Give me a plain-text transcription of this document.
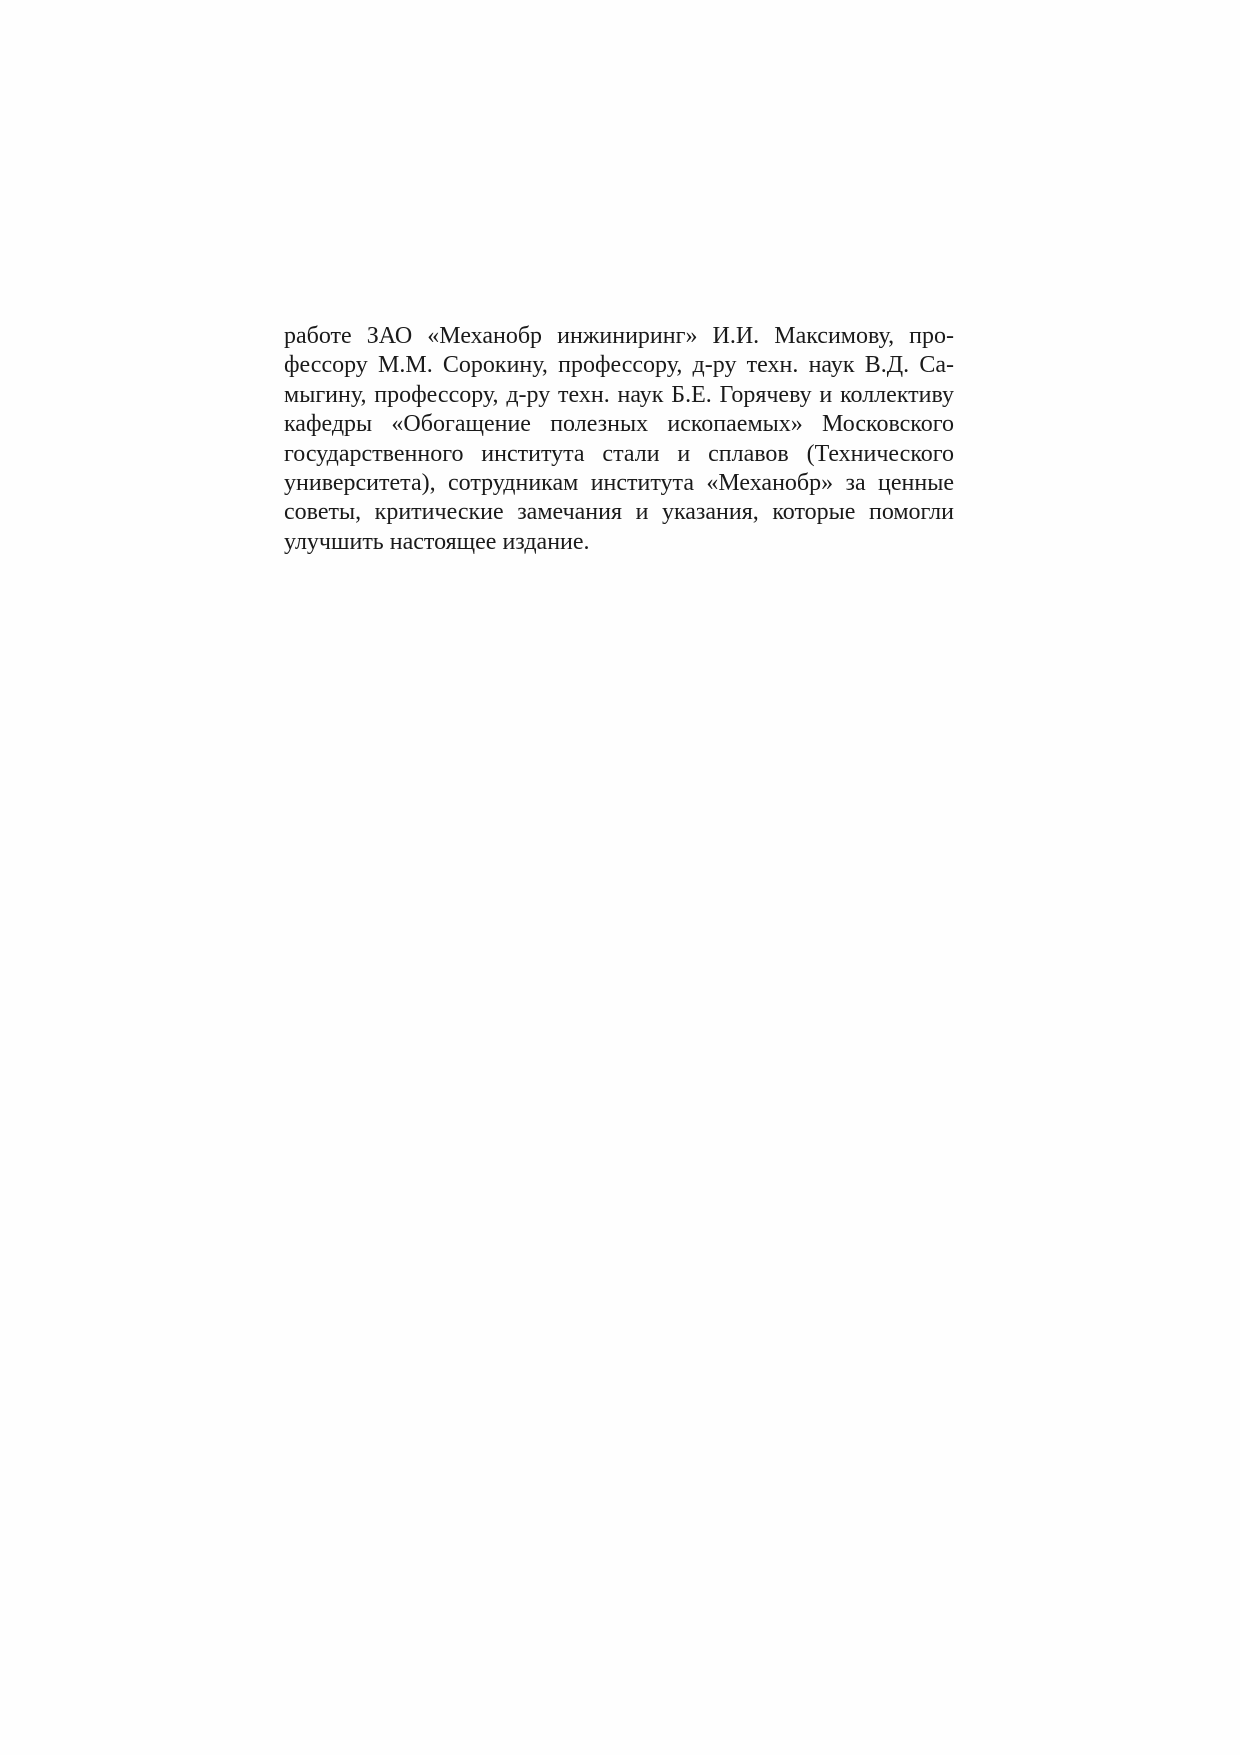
работе ЗАО «Механобр инжиниринг» И.И. Максимову, про-
фессору М.М. Сорокину, профессору, д-ру техн. наук В.Д. Са-
мыгину, профессору, д-ру техн. наук Б.Е. Горячеву и коллективу
кафедры «Обогащение полезных ископаемых» Московского
государственного института стали и сплавов (Технического
университета), сотрудникам института «Механобр» за ценные
советы, критические замечания и указания, которые помогли
улучшить настоящее издание.
